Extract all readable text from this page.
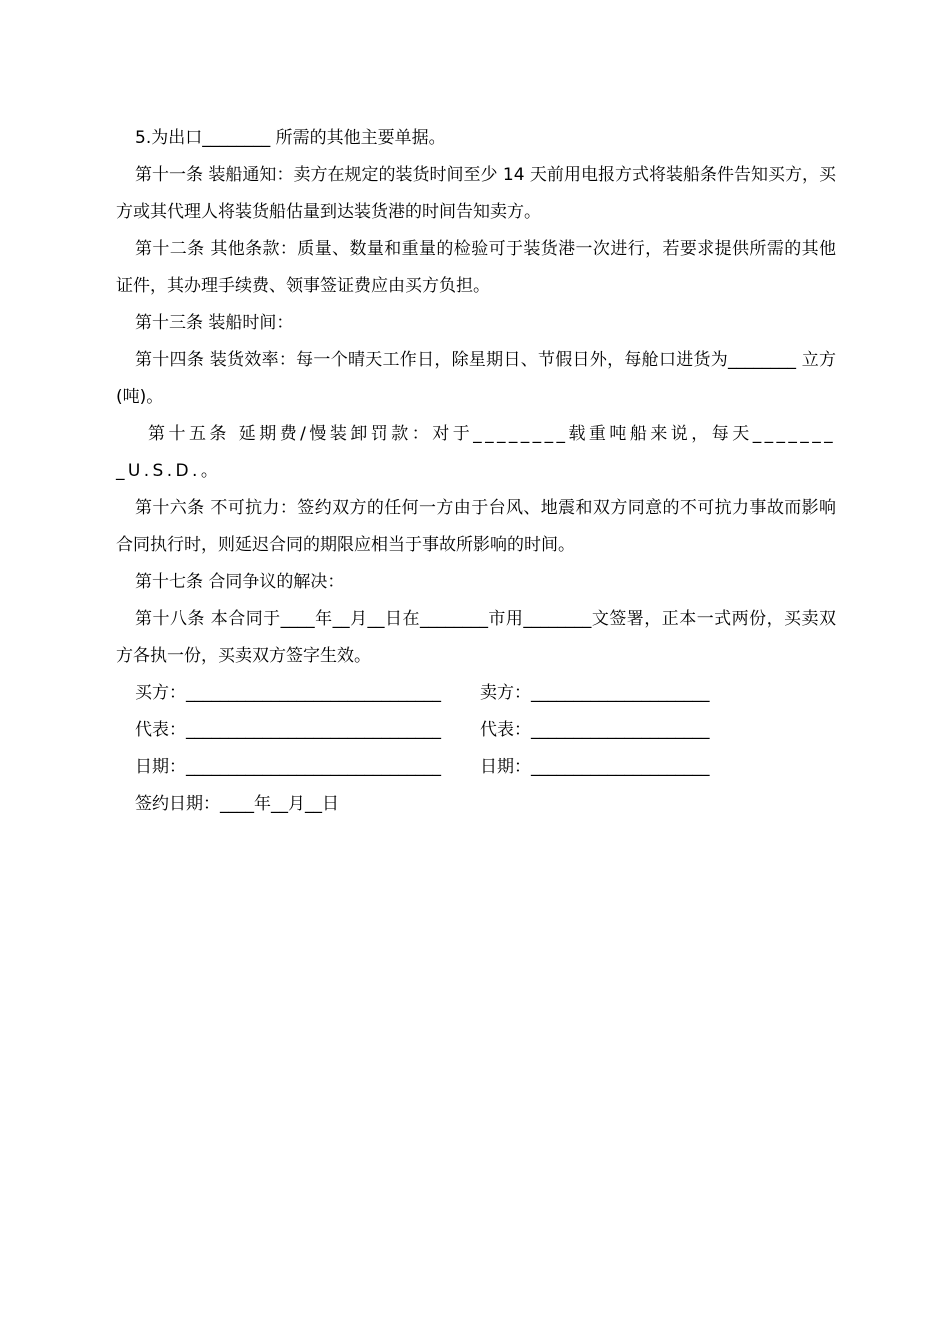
5.为出口________ 所需的其他主要单据。

第十一条 装船通知：卖方在规定的装货时间至少 14 天前用电报方式将装船条件告知买方，买方或其代理人将装货船估量到达装货港的时间告知卖方。

第十二条 其他条款：质量、数量和重量的检验可于装货港一次进行，若要求提供所需的其他证件，其办理手续费、领事签证费应由买方负担。

第十三条 装船时间：

第十四条 装货效率：每一个晴天工作日，除星期日、节假日外，每舱口进货为________ 立方(吨)。

第十五条 延期费/慢装卸罚款：对于________载重吨船来说，每天________U.S.D.。

第十六条 不可抗力：签约双方的任何一方由于台风、地震和双方同意的不可抗力事故而影响合同执行时，则延迟合同的期限应相当于事故所影响的时间。

第十七条 合同争议的解决：

第十八条 本合同于____年__月__日在________市用________文签署，正本一式两份，买卖双方各执一份，买卖双方签字生效。

买方：______________________________	卖方：_____________________
代表：______________________________	代表：_____________________
日期：______________________________	日期：_____________________
签约日期：____年__月__日
